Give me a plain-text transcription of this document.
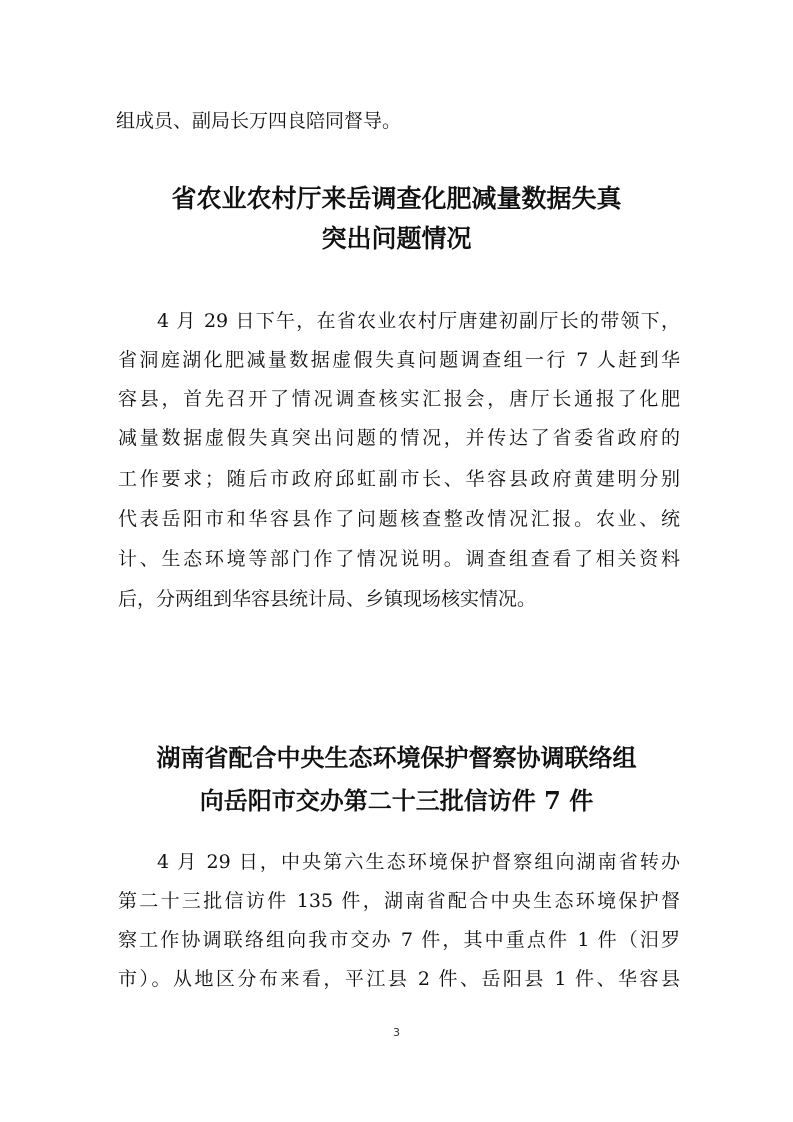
组成员、副局长万四良陪同督导。
省农业农村厅来岳调查化肥减量数据失真
突出问题情况
4 月 29 日下午，在省农业农村厅唐建初副厅长的带领下，
省洞庭湖化肥减量数据虚假失真问题调查组一行 7 人赶到华
容县，首先召开了情况调查核实汇报会，唐厅长通报了化肥
减量数据虚假失真突出问题的情况，并传达了省委省政府的
工作要求；随后市政府邱虹副市长、华容县政府黄建明分别
代表岳阳市和华容县作了问题核查整改情况汇报。农业、统
计、生态环境等部门作了情况说明。调查组查看了相关资料
后，分两组到华容县统计局、乡镇现场核实情况。
湖南省配合中央生态环境保护督察协调联络组
向岳阳市交办第二十三批信访件 7 件
4 月 29 日，中央第六生态环境保护督察组向湖南省转办
第二十三批信访件 135 件，湖南省配合中央生态环境保护督
察工作协调联络组向我市交办 7 件，其中重点件 1 件（汨罗
市）。从地区分布来看，平江县 2 件、岳阳县 1 件、华容县
3
